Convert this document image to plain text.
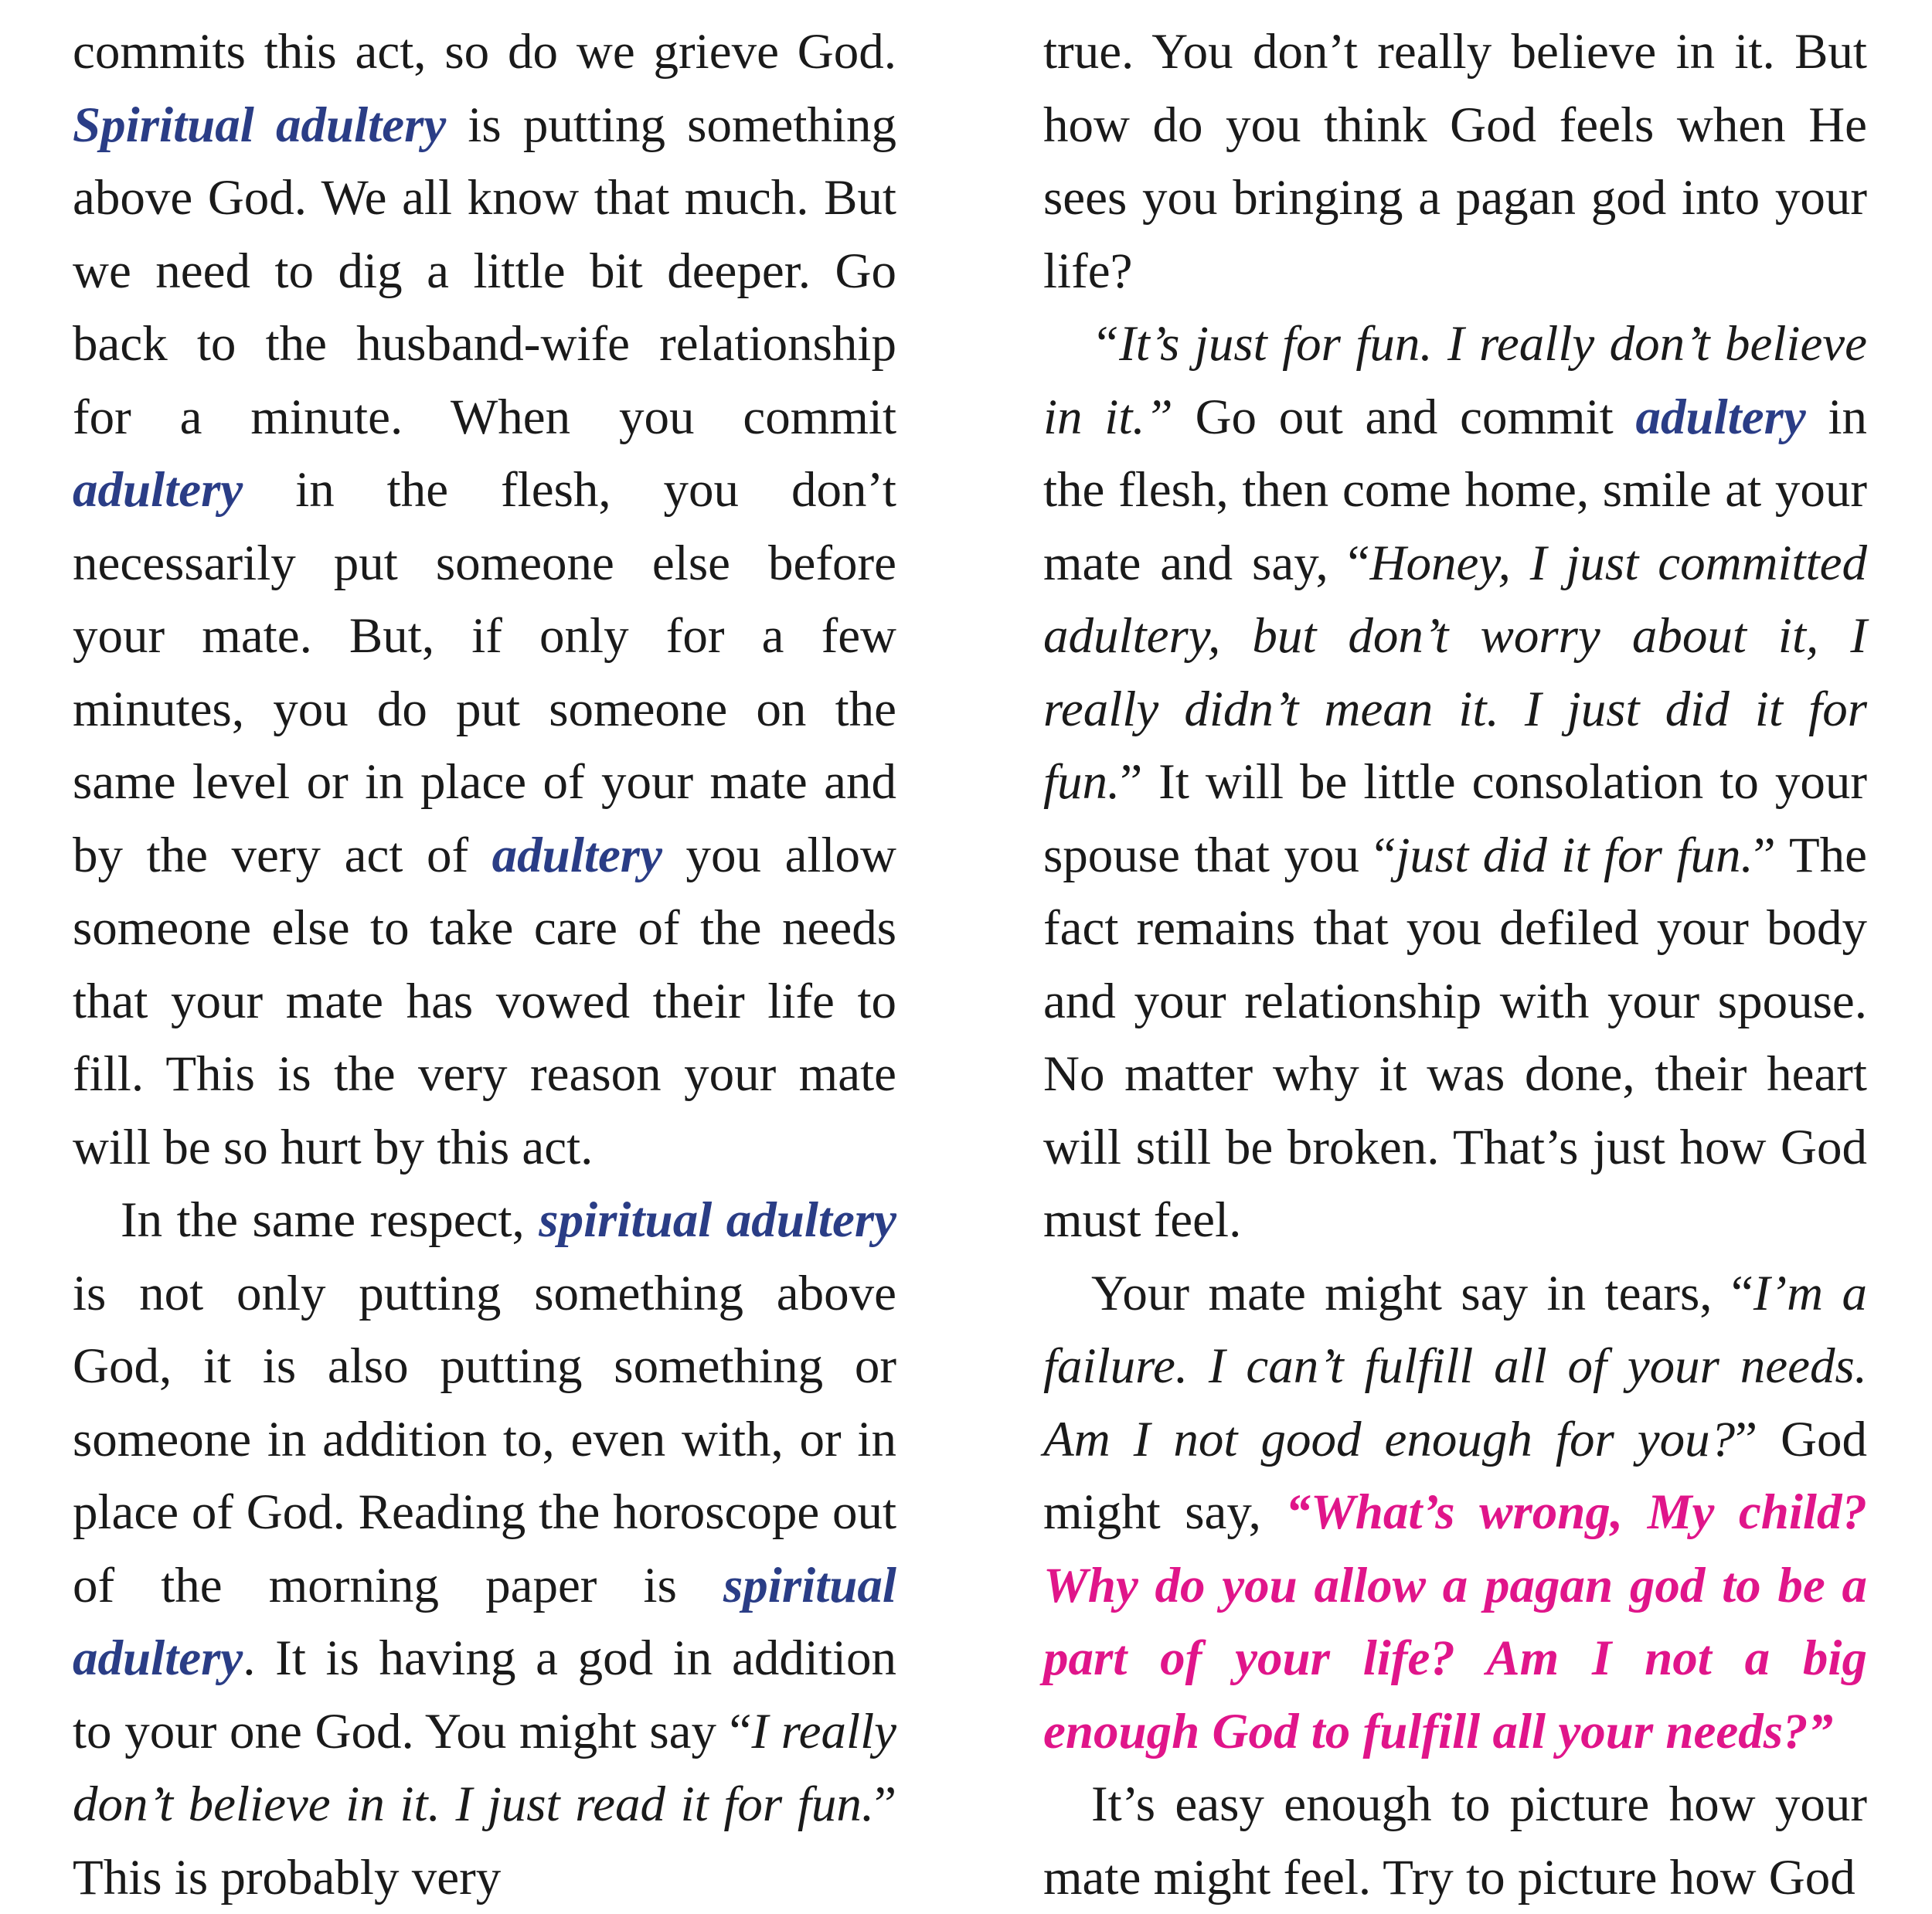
commits this act, so do we grieve God. Spiritual adultery is putting something above God. We all know that much. But we need to dig a little bit deeper. Go back to the husband-wife relationship for a minute. When you commit adultery in the flesh, you don’t necessarily put someone else before your mate. But, if only for a few minutes, you do put someone on the same level or in place of your mate and by the very act of adultery you allow someone else to take care of the needs that your mate has vowed their life to fill. This is the very reason your mate will be so hurt by this act.

In the same respect, spiritual adultery is not only putting something above God, it is also putting something or someone in addition to, even with, or in place of God. Reading the horoscope out of the morning paper is spiritual adultery. It is having a god in addition to your one God. You might say “I really don’t believe in it. I just read it for fun.” This is probably very

true. You don’t really believe in it. But how do you think God feels when He sees you bringing a pagan god into your life?

“It’s just for fun. I really don’t believe in it.” Go out and commit adultery in the flesh, then come home, smile at your mate and say, “Honey, I just committed adultery, but don’t worry about it, I really didn’t mean it. I just did it for fun.” It will be little consolation to your spouse that you “just did it for fun.” The fact remains that you defiled your body and your relationship with your spouse. No matter why it was done, their heart will still be broken. That’s just how God must feel.

Your mate might say in tears, “I’m a failure. I can’t fulfill all of your needs. Am I not good enough for you?” God might say, “What’s wrong, My child? Why do you allow a pagan god to be a part of your life? Am I not a big enough God to fulfill all your needs?”

It’s easy enough to picture how your mate might feel. Try to picture how God
